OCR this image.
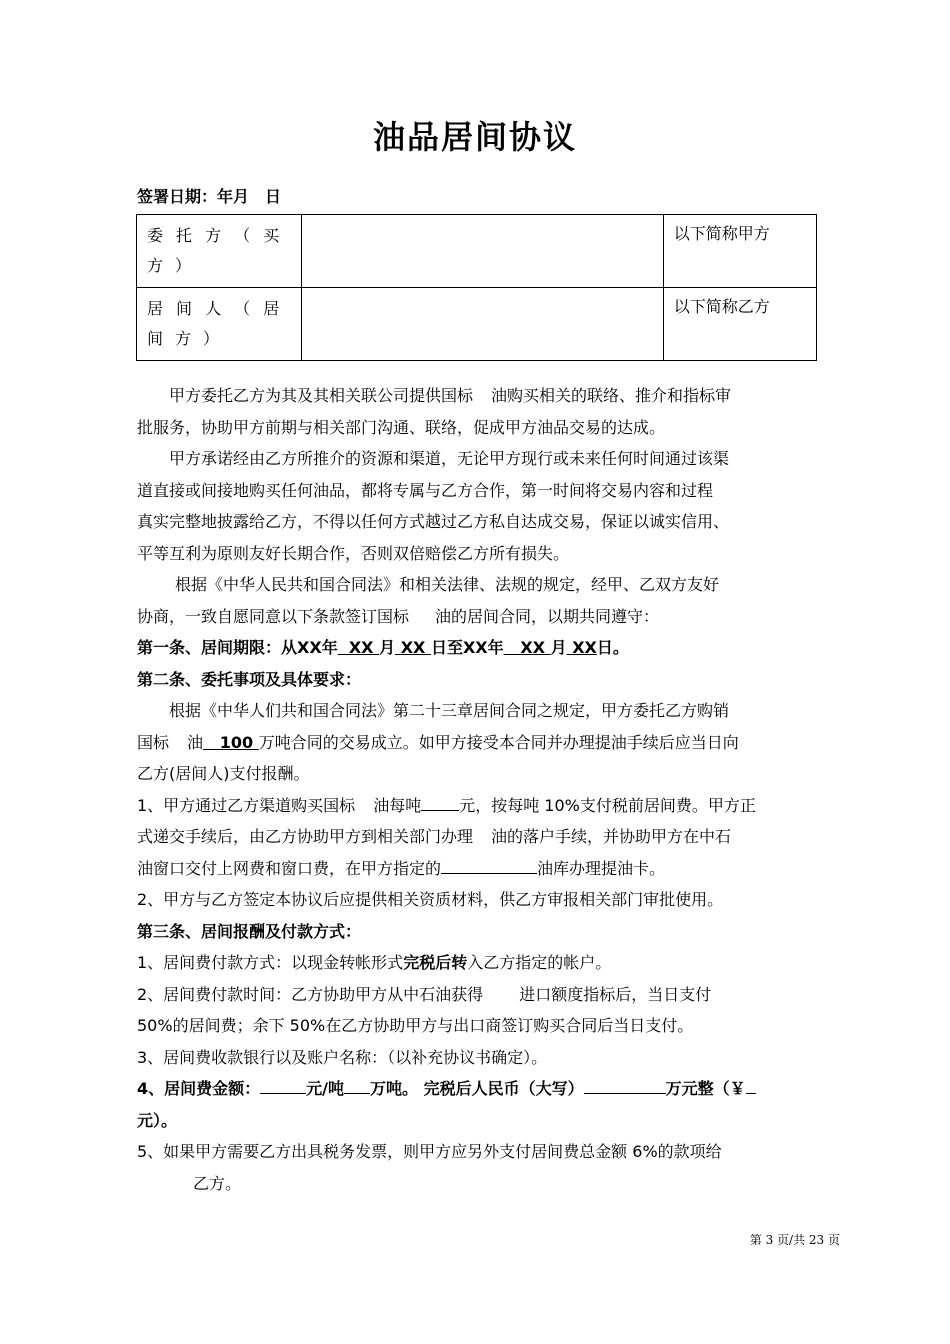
油品居间协议
签署日期：年月　日
委托方（买方）		以下简称甲方
居间人（居间方）		以下简称乙方
甲方委托乙方为其及其相关联公司提供国标 油购买相关的联络、推介和指标审
批服务，协助甲方前期与相关部门沟通、联络，促成甲方油品交易的达成。
甲方承诺经由乙方所推介的资源和渠道，无论甲方现行或未来任何时间通过该渠
道直接或间接地购买任何油品，都将专属与乙方合作，第一时间将交易内容和过程
真实完整地披露给乙方，不得以任何方式越过乙方私自达成交易，保证以诚实信用、
平等互利为原则友好长期合作，否则双倍赔偿乙方所有损失。
根据《中华人民共和国合同法》和相关法律、法规的规定，经甲、乙双方友好
协商，一致自愿同意以下条款签订国标 油的居间合同，以期共同遵守：
第一条、居间期限：从XX年 XX 月 XX 日至XX年 XX 月 XX日。
第二条、委托事项及具体要求：
根据《中华人们共和国合同法》第二十三章居间合同之规定，甲方委托乙方购销
国标 油 100 万吨合同的交易成立。如甲方接受本合同并办理提油手续后应当日向
乙方(居间人)支付报酬。
1、甲方通过乙方渠道购买国标 油每吨 元，按每吨 10%支付税前居间费。甲方正
式递交手续后，由乙方协助甲方到相关部门办理 油的落户手续，并协助甲方在中石
油窗口交付上网费和窗口费，在甲方指定的	油库办理提油卡。
2、甲方与乙方签定本协议后应提供相关资质材料，供乙方审报相关部门审批使用。
第三条、居间报酬及付款方式：
1、居间费付款方式：以现金转帐形式完税后转入乙方指定的帐户。
2、居间费付款时间：乙方协助甲方从中石油获得 进口额度指标后，当日支付
50%的居间费；余下 50%在乙方协助甲方与出口商签订购买合同后当日支付。
3、居间费收款银行以及账户名称：（以补充协议书确定）。
4、居间费金额：	元/吨 万吨。 完税后人民币（大写）	万元整（￥
元）。
5、如果甲方需要乙方出具税务发票，则甲方应另外支付居间费总金额 6%的款项给
乙方。
第 3 页/共 23 页
